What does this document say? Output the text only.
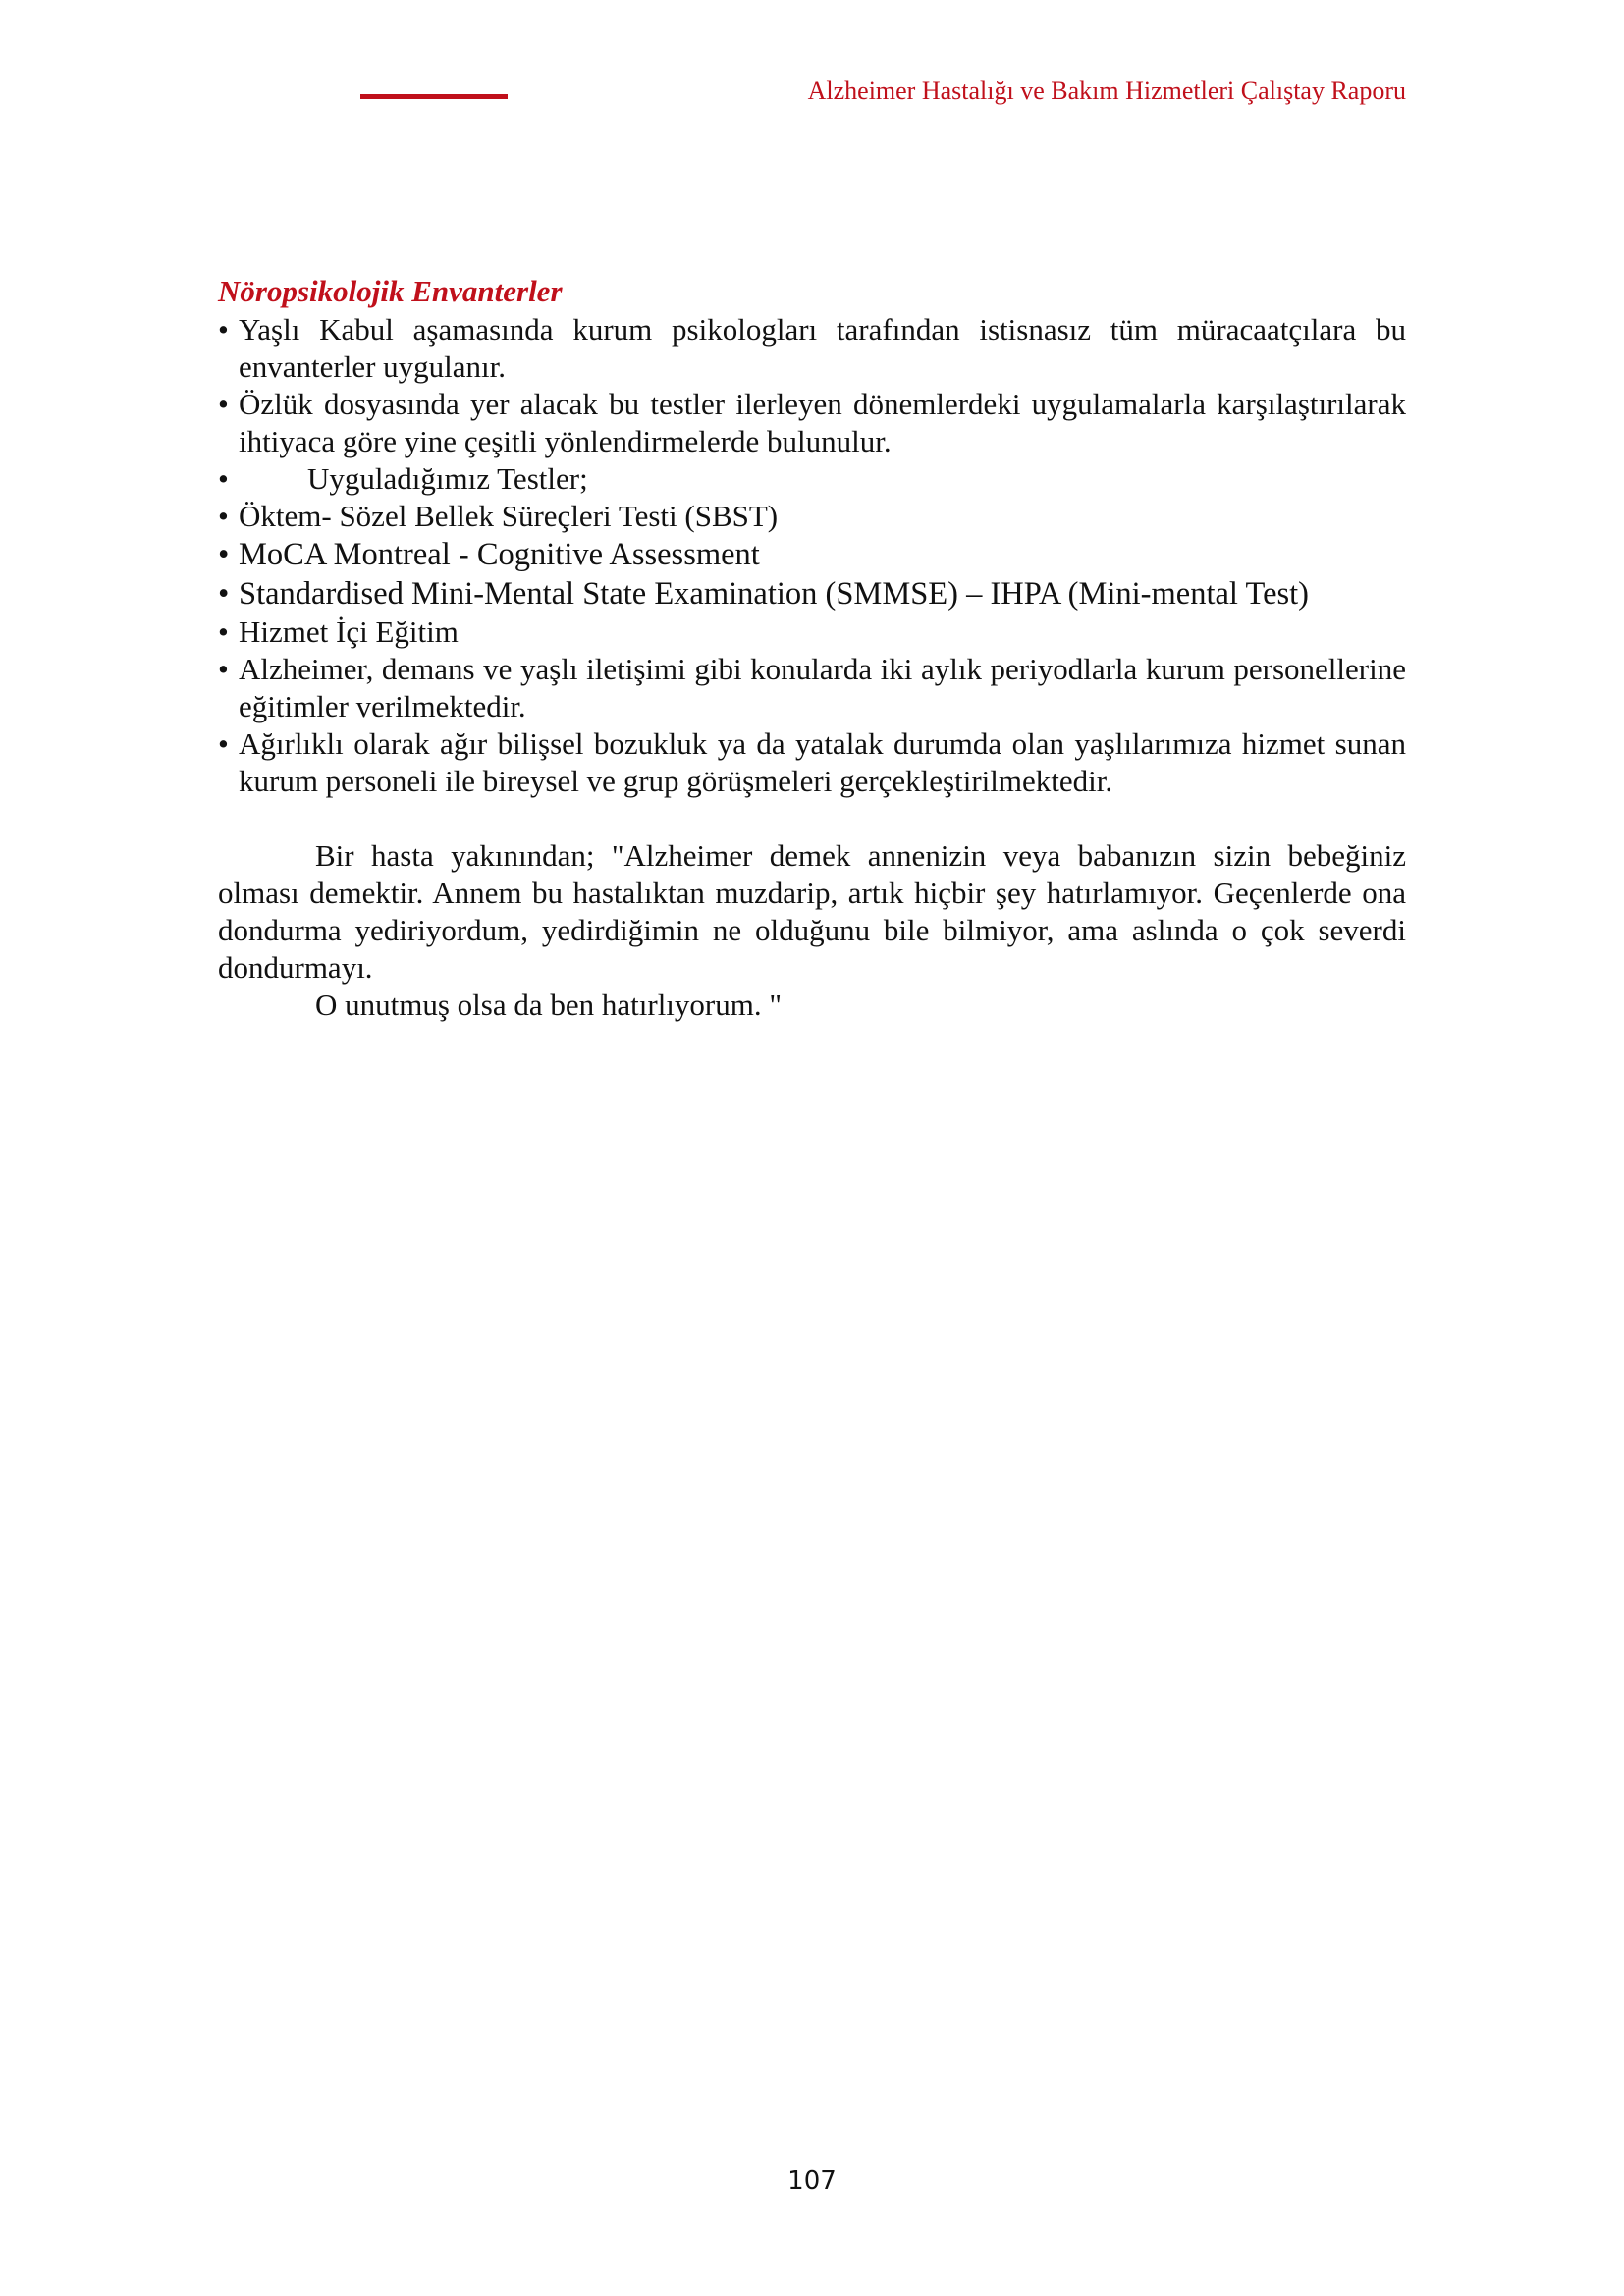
Alzheimer Hastalığı ve Bakım Hizmetleri Çalıştay Raporu
Nöropsikolojik Envanterler
• Yaşlı Kabul aşamasında kurum psikologları tarafından istisnasız tüm müracaatçılara bu envanterler uygulanır.
• Özlük dosyasında yer alacak bu testler ilerleyen dönemlerdeki uygulamalarla karşılaştırılarak ihtiyaca göre yine çeşitli yönlendirmelerde bulunulur.
•	Uyguladığımız Testler;
• Öktem- Sözel Bellek Süreçleri Testi (SBST)
• MoCA Montreal - Cognitive Assessment
• Standardised Mini-Mental State Examination (SMMSE) – IHPA (Mini-mental Test)
• Hizmet İçi Eğitim
• Alzheimer, demans ve yaşlı iletişimi gibi konularda iki aylık periyodlarla kurum personellerine eğitimler verilmektedir.
• Ağırlıklı olarak ağır bilişsel bozukluk ya da yatalak durumda olan yaşlılarımıza hizmet sunan kurum personeli ile bireysel ve grup görüşmeleri gerçekleştirilmektedir.

Bir hasta yakınından; "Alzheimer demek annenizin veya babanızın sizin bebeğiniz olması demektir. Annem bu hastalıktan muzdarip, artık hiçbir şey hatırlamıyor. Geçenlerde ona dondurma yediriyordum, yedirdiğimin ne olduğunu bile bilmiyor, ama aslında o çok severdi dondurmayı.

O unutmuş olsa da ben hatırlıyorum. "

107
